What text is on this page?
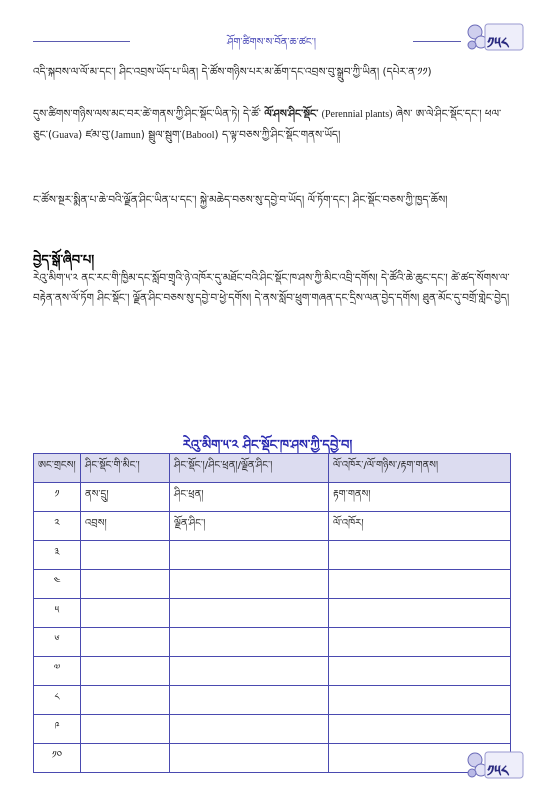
ཤོག་ཚིགས་ས་བོན་ཆ་ཚང་།	༡༥༨

འདི་སྐབས་ལ་ལོ་མ་དང་། ཤིང་འབྲས་ཡོད་པ་ཡིན། དེ་ཚོས་གཉིས་པར་མ་ཆོག་དང་འབྲས་བུ་སྒྲུབ་ཀྱི་ཡིན། (དཔེར་ན་༡༡)

དུས་ཚིགས་གཉིས་ལས་མང་བར་ཚེ་གནས་ཀྱི་ཤིང་སྡོང་ཡིན་ཏེ། དེ་ཚོ་ ལོ་ཤས་ཤིང་སྡོང་ (Perennial plants) ཞེས་ ཨ་ལེ་ཤིང་སྡོང་དང་། ཕལ་ཅུང་(Guava) ཛམ་བུ་(Jamun) སྦྲུལ་སྦུག་(Babool) ད་ལྟ་བཅས་ཀྱི་ཤིང་སྡོང་གནས་ཡོད།

ང་ཚོས་སྔར་སྨིན་པ་ཆེ་བའི་ལྗོན་ཤིང་ཡིན་པ་དང་། སྐྱེ་མཆེད་བཅས་སུ་དབྱེ་བ་ཡོད། ལོ་ཏོག་དང་། ཤིང་སྡོང་བཅས་ཀྱི་ཁྱད་ཆོས།

བྱེད་སྒོ་ཞིབ་པ།

རེའུ་མིག་༥་༢ ནང་རང་གི་ཁྱིམ་དང་སློབ་གྲྭའི་ཉེ་འཁོར་དུ་མཐོང་བའི་ཤིང་སྡོང་ཁ་ཤས་ཀྱི་མིང་འབྲི་དགོས། དེ་ཚོའི་ཆེ་ཆུང་དང་། ཚེ་ཚད་སོགས་ལ་བརྟེན་ནས་ལོ་ཏོག ཤིང་སྡོང་། ལྗོན་ཤིང་བཅས་སུ་དབྱེ་བ་ཕྱེ་དགོས། དེ་ནས་སློབ་ཕྲུག་གཞན་དང་དྲིས་ལན་བྱེད་དགོས། ཐུན་མོང་དུ་བགྲོ་གླེང་བྱེད།

རེའུ་མིག་༥་༢ ཤིང་སྡོང་ཁ་ཤས་ཀྱི་དབྱེ་བ།
ཨང་གྲངས།	ཤིང་སྡོང་གི་མིང་།	ཤིང་སྡོང་།/ཤིང་ཕྲན།/ལྗོན་ཤིང་།	ལོ་འཁོར་/ལོ་གཉིས་/རྟག་གནས།
༡	ནས་དྲུ།	ཤིང་ཕྲན།	རྟག་གནས།
༢	འབྲས།	ལྗོན་ཤིང་།	ལོ་འཁོར།
༣			
༤			
༥			
༦			
༧			
༨			
༩			
༡༠			
༡༥༨
